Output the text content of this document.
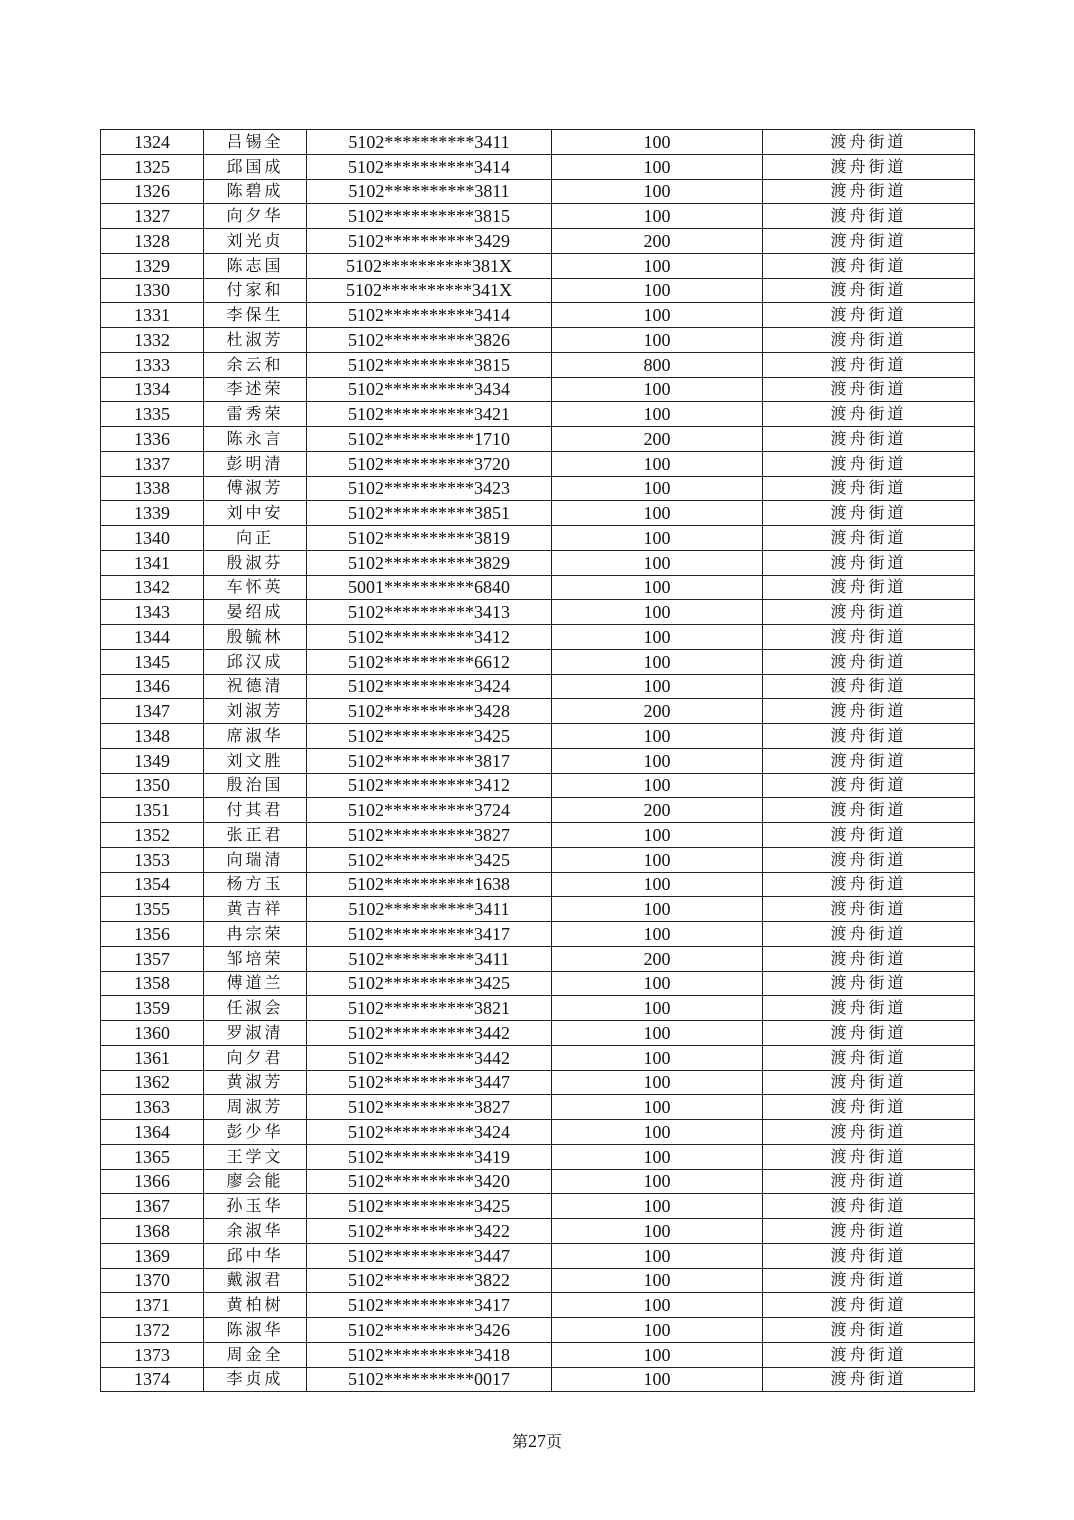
1324	吕锡全	5102**********3411	100	渡舟街道
1325	邱国成	5102**********3414	100	渡舟街道
1326	陈碧成	5102**********3811	100	渡舟街道
1327	向夕华	5102**********3815	100	渡舟街道
1328	刘光贞	5102**********3429	200	渡舟街道
1329	陈志国	5102**********381X	100	渡舟街道
1330	付家和	5102**********341X	100	渡舟街道
1331	李保生	5102**********3414	100	渡舟街道
1332	杜淑芳	5102**********3826	100	渡舟街道
1333	余云和	5102**********3815	800	渡舟街道
1334	李述荣	5102**********3434	100	渡舟街道
1335	雷秀荣	5102**********3421	100	渡舟街道
1336	陈永言	5102**********1710	200	渡舟街道
1337	彭明清	5102**********3720	100	渡舟街道
1338	傅淑芳	5102**********3423	100	渡舟街道
1339	刘中安	5102**********3851	100	渡舟街道
1340	向正	5102**********3819	100	渡舟街道
1341	殷淑芬	5102**********3829	100	渡舟街道
1342	车怀英	5001**********6840	100	渡舟街道
1343	晏绍成	5102**********3413	100	渡舟街道
1344	殷毓林	5102**********3412	100	渡舟街道
1345	邱汉成	5102**********6612	100	渡舟街道
1346	祝德清	5102**********3424	100	渡舟街道
1347	刘淑芳	5102**********3428	200	渡舟街道
1348	席淑华	5102**********3425	100	渡舟街道
1349	刘文胜	5102**********3817	100	渡舟街道
1350	殷治国	5102**********3412	100	渡舟街道
1351	付其君	5102**********3724	200	渡舟街道
1352	张正君	5102**********3827	100	渡舟街道
1353	向瑞清	5102**********3425	100	渡舟街道
1354	杨方玉	5102**********1638	100	渡舟街道
1355	黄吉祥	5102**********3411	100	渡舟街道
1356	冉宗荣	5102**********3417	100	渡舟街道
1357	邹培荣	5102**********3411	200	渡舟街道
1358	傅道兰	5102**********3425	100	渡舟街道
1359	任淑会	5102**********3821	100	渡舟街道
1360	罗淑清	5102**********3442	100	渡舟街道
1361	向夕君	5102**********3442	100	渡舟街道
1362	黄淑芳	5102**********3447	100	渡舟街道
1363	周淑芳	5102**********3827	100	渡舟街道
1364	彭少华	5102**********3424	100	渡舟街道
1365	王学文	5102**********3419	100	渡舟街道
1366	廖会能	5102**********3420	100	渡舟街道
1367	孙玉华	5102**********3425	100	渡舟街道
1368	余淑华	5102**********3422	100	渡舟街道
1369	邱中华	5102**********3447	100	渡舟街道
1370	戴淑君	5102**********3822	100	渡舟街道
1371	黄柏树	5102**********3417	100	渡舟街道
1372	陈淑华	5102**********3426	100	渡舟街道
1373	周金全	5102**********3418	100	渡舟街道
1374	李贞成	5102**********0017	100	渡舟街道
第27页
